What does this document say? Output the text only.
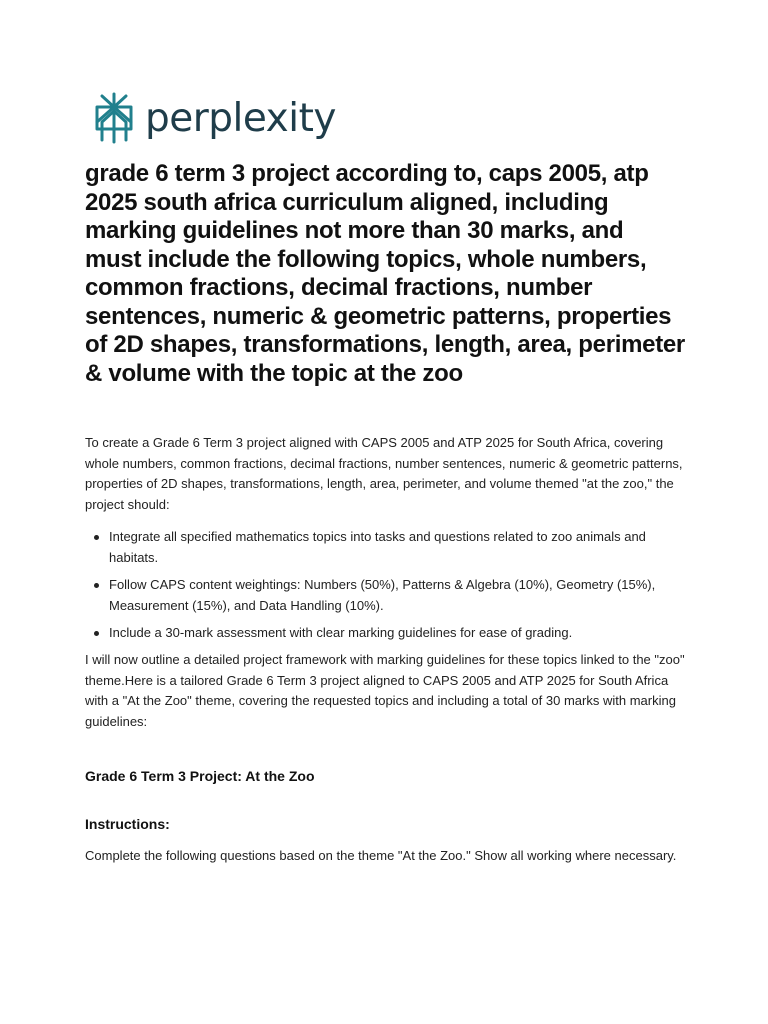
perplexity
grade 6 term 3 project according to, caps 2005, atp 2025 south africa curriculum aligned, including marking guidelines not more than 30 marks, and must include the following topics, whole numbers, common fractions, decimal fractions, number sentences, numeric & geometric patterns, properties of 2D shapes, transformations, length, area, perimeter & volume with the topic at the zoo

To create a Grade 6 Term 3 project aligned with CAPS 2005 and ATP 2025 for South Africa, covering whole numbers, common fractions, decimal fractions, number sentences, numeric & geometric patterns, properties of 2D shapes, transformations, length, area, perimeter, and volume themed "at the zoo," the project should:

Integrate all specified mathematics topics into tasks and questions related to zoo animals and habitats.
Follow CAPS content weightings: Numbers (50%), Patterns & Algebra (10%), Geometry (15%), Measurement (15%), and Data Handling (10%).
Include a 30-mark assessment with clear marking guidelines for ease of grading.

I will now outline a detailed project framework with marking guidelines for these topics linked to the "zoo" theme.Here is a tailored Grade 6 Term 3 project aligned to CAPS 2005 and ATP 2025 for South Africa with a "At the Zoo" theme, covering the requested topics and including a total of 30 marks with marking guidelines:

Grade 6 Term 3 Project: At the Zoo
Instructions:

Complete the following questions based on the theme "At the Zoo." Show all working where necessary.
